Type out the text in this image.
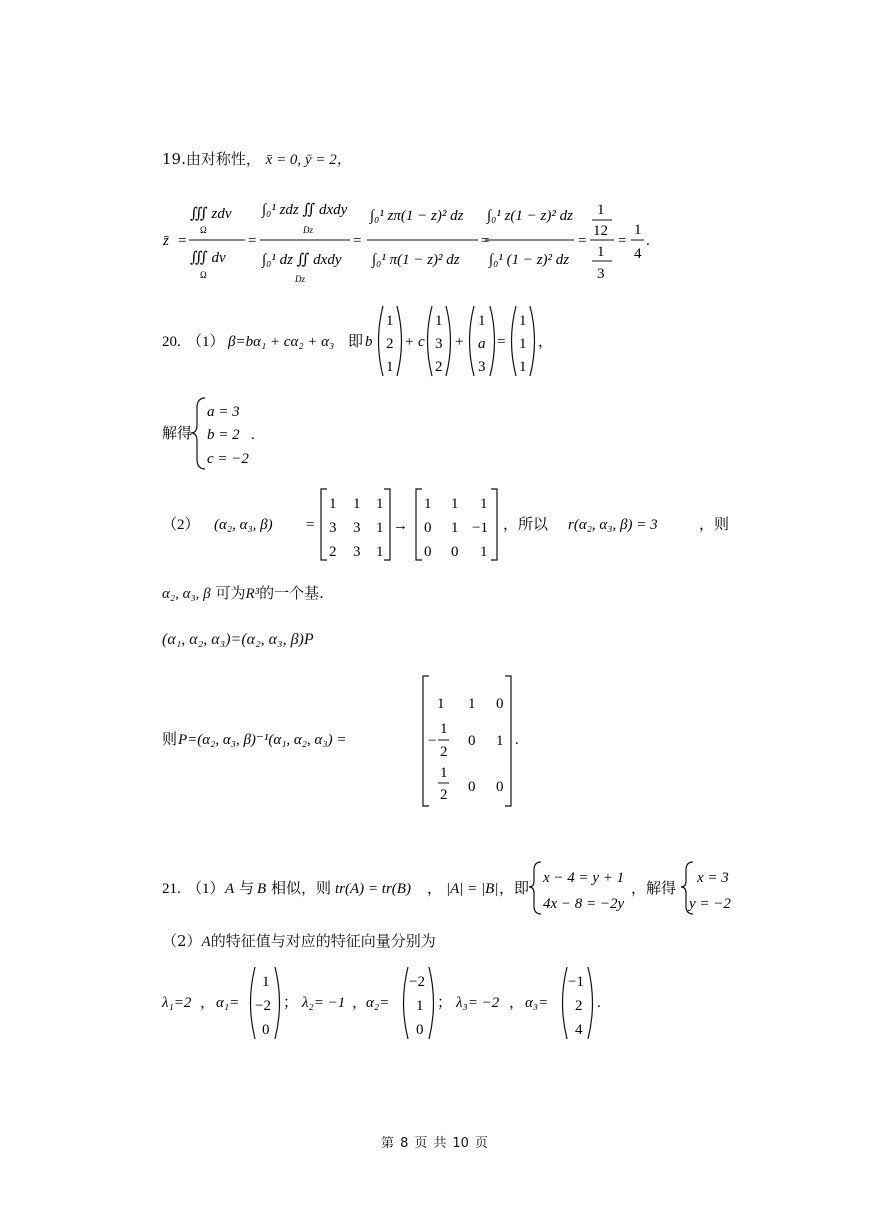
19.由对称性， x̄ = 0, ȳ = 2，
z̄ =
∭ zdv
Ω
∭ dv
Ω
=
∫₀¹ zdz ∬ dxdy
Dz
∫₀¹ dz ∬ dxdy
Dz
=
∫₀¹ zπ(1 − z)² dz
∫₀¹ π(1 − z)² dz
=
∫₀¹ z(1 − z)² dz
∫₀¹ (1 − z)² dz
=
1
12
1
3
=
1
4
.
20. （1） β=bα₁ + cα₂ + α₃ 即 b
1
2
1
+ c
1
3
2
+
1
a
3
=
1
1
1
，
解得
a = 3
b = 2
c = −2
.
（2） (α₂, α₃, β) =
1 1 1
3 3 1
2 3 1
→
1 1 1
0 1 −1
0 0 1
，所以 r(α₂, α₃, β) = 3	，则
α₂, α₃, β 可为R³的一个基.
(α₁, α₂, α₃)=(α₂, α₃, β)P
则 P=(α₂, α₃, β)⁻¹(α₁, α₂, α₃) =
1 1 0
−
1
2
0 1
1
2 0 0
.
21. （1） A 与 B 相似，则 tr(A) = tr(B) ， |A| = |B| ，即
x − 4 = y + 1
4x − 8 = −2y
，解得
x = 3
y = −2
（2）A的特征值与对应的特征向量分别为
λ₁=2 ， α₁=
1
−2
0
； λ₂= −1 ，
α₂=
−2
1
0
； λ₃= −2 ， α₃=
−1
2
4
.
第 8 页 共 10 页
